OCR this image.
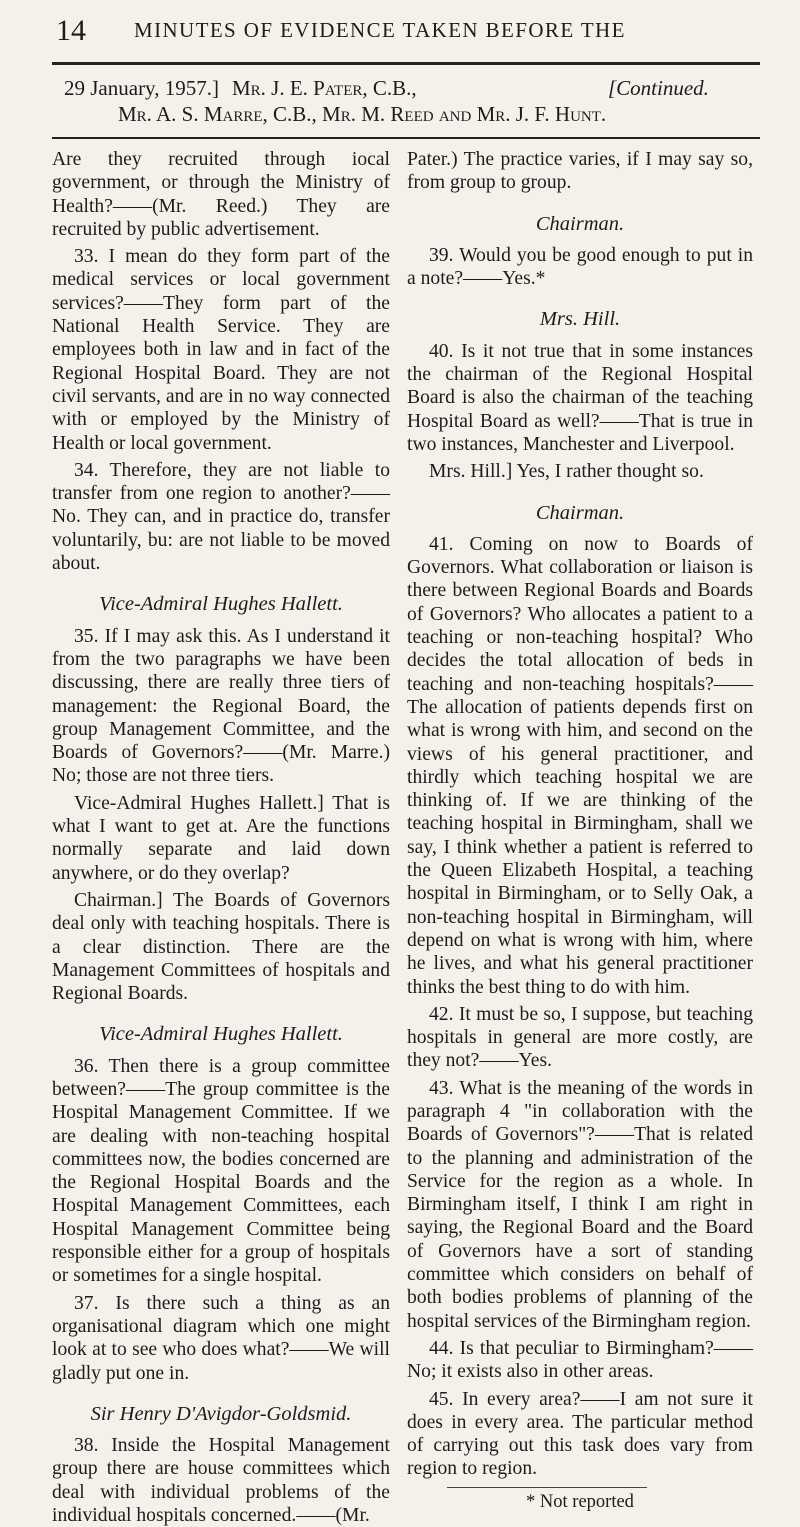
14 MINUTES OF EVIDENCE TAKEN BEFORE THE
29 January, 1957.] Mr. J. E. Pater, C.B.,	[Continued.
Mr. A. S. Marre, C.B., Mr. M. Reed and Mr. J. F. Hunt.

Are they recruited through iocal government, or through the Ministry of Health?——(Mr. Reed.) They are recruited by public advertisement.

33. I mean do they form part of the medical services or local government services?——They form part of the National Health Service. They are employees both in law and in fact of the Regional Hospital Board. They are not civil servants, and are in no way connected with or employed by the Ministry of Health or local government.

34. Therefore, they are not liable to transfer from one region to another?——No. They can, and in practice do, transfer voluntarily, bu: are not liable to be moved about.

Vice-Admiral Hughes Hallett.

35. If I may ask this. As I understand it from the two paragraphs we have been discussing, there are really three tiers of management: the Regional Board, the group Management Committee, and the Boards of Governors?——(Mr. Marre.) No; those are not three tiers.

Vice-Admiral Hughes Hallett.] That is what I want to get at. Are the functions normally separate and laid down anywhere, or do they overlap?

Chairman.] The Boards of Governors deal only with teaching hospitals. There is a clear distinction. There are the Management Committees of hospitals and Regional Boards.

Vice-Admiral Hughes Hallett.

36. Then there is a group committee between?——The group committee is the Hospital Management Committee. If we are dealing with non-teaching hospital committees now, the bodies concerned are the Regional Hospital Boards and the Hospital Management Committees, each Hospital Management Committee being responsible either for a group of hospitals or sometimes for a single hospital.

37. Is there such a thing as an organisational diagram which one might look at to see who does what?——We will gladly put one in.

Sir Henry D'Avigdor-Goldsmid.

38. Inside the Hospital Management group there are house committees which deal with individual problems of the individual hospitals concerned.——(Mr.

Pater.) The practice varies, if I may say so, from group to group.

Chairman.

39. Would you be good enough to put in a note?——Yes.*

Mrs. Hill.

40. Is it not true that in some instances the chairman of the Regional Hospital Board is also the chairman of the teaching Hospital Board as well?——That is true in two instances, Manchester and Liverpool.

Mrs. Hill.] Yes, I rather thought so.

Chairman.

41. Coming on now to Boards of Governors. What collaboration or liaison is there between Regional Boards and Boards of Governors? Who allocates a patient to a teaching or non-teaching hospital? Who decides the total allocation of beds in teaching and non-teaching hospitals?——The allocation of patients depends first on what is wrong with him, and second on the views of his general practitioner, and thirdly which teaching hospital we are thinking of. If we are thinking of the teaching hospital in Birmingham, shall we say, I think whether a patient is referred to the Queen Elizabeth Hospital, a teaching hospital in Birmingham, or to Selly Oak, a non-teaching hospital in Birmingham, will depend on what is wrong with him, where he lives, and what his general practitioner thinks the best thing to do with him.

42. It must be so, I suppose, but teaching hospitals in general are more costly, are they not?——Yes.

43. What is the meaning of the words in paragraph 4 "in collaboration with the Boards of Governors"?——That is related to the planning and administration of the Service for the region as a whole. In Birmingham itself, I think I am right in saying, the Regional Board and the Board of Governors have a sort of standing committee which considers on behalf of both bodies problems of planning of the hospital services of the Birmingham region.

44. Is that peculiar to Birmingham?——No; it exists also in other areas.

45. In every area?——I am not sure it does in every area. The particular method of carrying out this task does vary from region to region.

* Not reported
